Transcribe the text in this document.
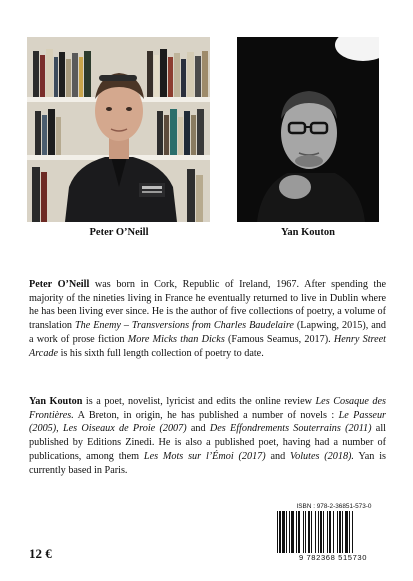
Peter O’Neill	Yan Kouton

Peter O’Neill was born in Cork, Republic of Ireland, 1967. After spending the majority of the nineties living in France he eventually returned to live in Dublin where he has been living ever since. He is the author of five collections of poetry, a volume of translation The Enemy – Transversions from Charles Baudelaire (Lapwing, 2015), and a work of prose fiction More Micks than Dicks (Famous Seamus, 2017). Henry Street Arcade is his sixth full length collection of poetry to date.

Yan Kouton is a poet, novelist, lyricist and edits the online review Les Cosaque des Frontières. A Breton, in origin, he has published a number of novels : Le Passeur (2005), Les Oiseaux de Proie (2007) and Des Effondrements Souterrains (2011) all published by Editions Zinedi. He is also a published poet, having had a number of publications, among them Les Mots sur l’Émoi (2017) and Volutes (2018). Yan is currently based in Paris.

12 €
ISBN : 978-2-36851-573-0
9 782368 515730
